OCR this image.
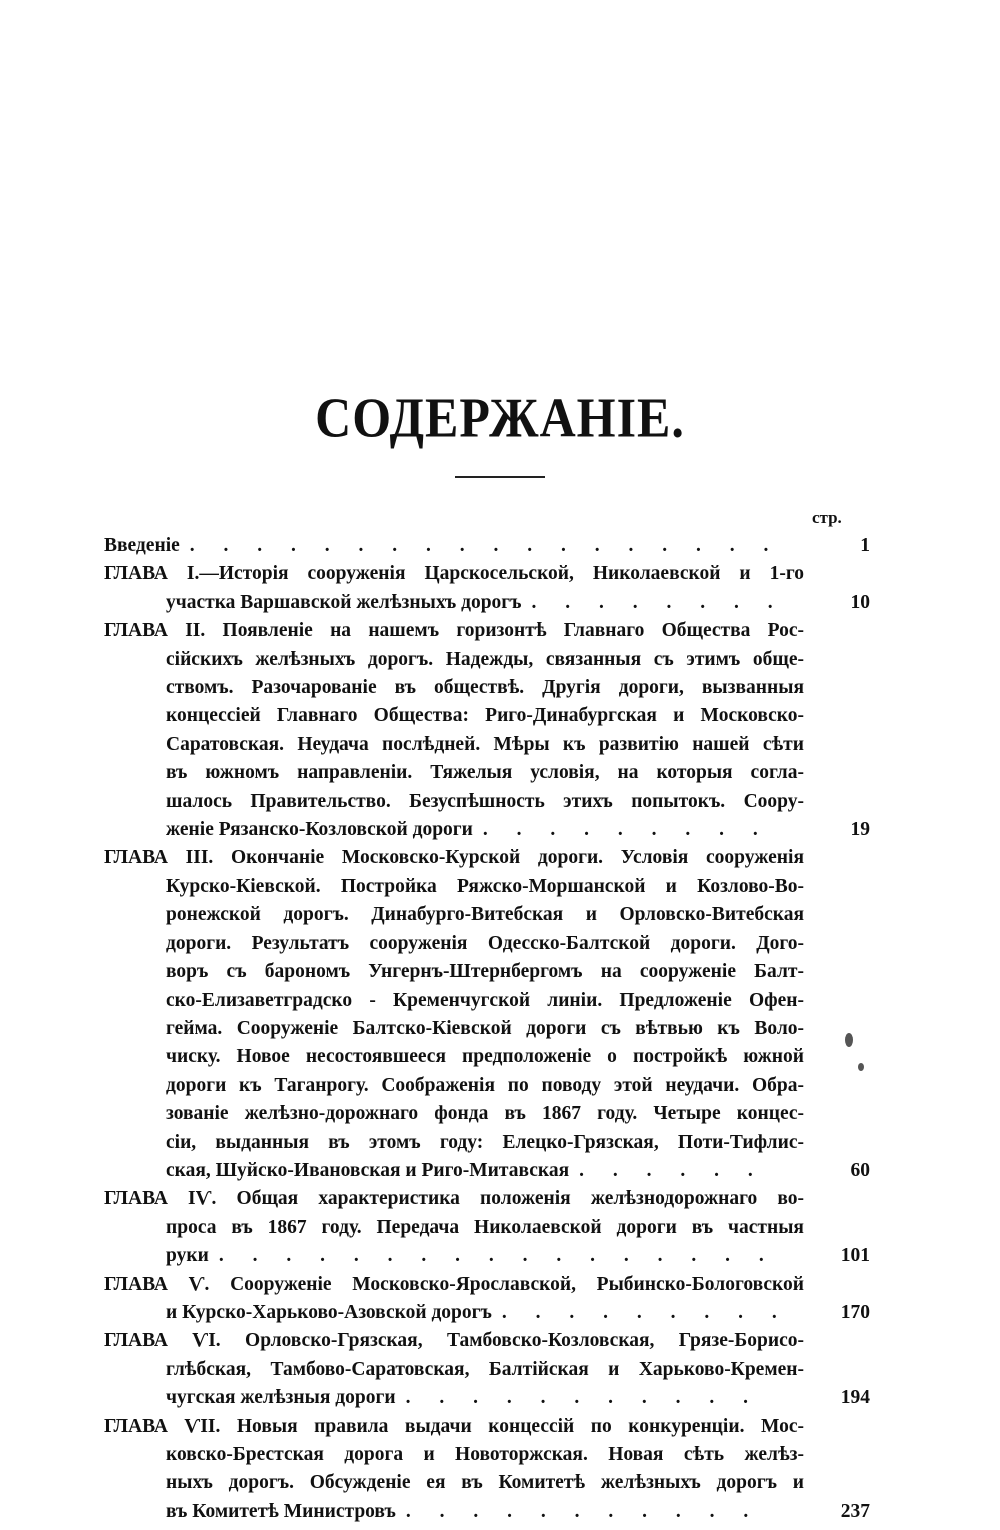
СОДЕРЖАНІЕ.
стр.
Введеніе . . .	1
ГЛАВА І.—Исторія сооруженія Царскосельской, Николаевской и 1-го
участка Варшавской желѣзныхъ дорогъ . . .	10
ГЛАВА ІІ. Появленіе на нашемъ горизонтѣ Главнаго Общества Рос-
сійскихъ желѣзныхъ дорогъ. Надежды, связанныя съ этимъ обще-
ствомъ. Разочарованіе въ обществѣ. Другія дороги, вызванныя
концессіей Главнаго Общества: Риго-Динабургская и Московско-
Саратовская. Неудача послѣдней. Мѣры къ развитію нашей сѣти
въ южномъ направленіи. Тяжелыя условія, на которыя согла-
шалось Правительство. Безуспѣшность этихъ попытокъ. Соору-
женіе Рязанско-Козловской дороги . . .	19
ГЛАВА ІІІ. Окончаніе Московско-Курской дороги. Условія сооруженія
Курско-Кіевской. Постройка Ряжско-Моршанской и Козлово-Во-
ронежской дорогъ. Динабурго-Витебская и Орловско-Витебская
дороги. Результатъ сооруженія Одесско-Балтской дороги. Дого-
воръ съ барономъ Унгернъ-Штернбергомъ на сооруженіе Балт-
ско-Елизаветградско - Кременчугской линіи. Предложеніе Офен-
гейма. Сооруженіе Балтско-Кіевской дороги съ вѣтвью къ Воло-
чиску. Новое несостоявшееся предположеніе о постройкѣ южной
дороги къ Таганрогу. Соображенія по поводу этой неудачи. Обра-
зованіе желѣзно-дорожнаго фонда въ 1867 году. Четыре концес-
сіи, выданныя въ этомъ году: Елецко-Грязская, Поти-Тифлис-
ская, Шуйско-Ивановская и Риго-Митавская . . .	60
ГЛАВА ІѴ. Общая характеристика положенія желѣзнодорожнаго во-
проса въ 1867 году. Передача Николаевской дороги въ частныя
руки . . .	101
ГЛАВА Ѵ. Сооруженіе Московско-Ярославской, Рыбинско-Бологовской
и Курско-Харьково-Азовской дорогъ . . .	170
ГЛАВА ѴІ. Орловско-Грязская, Тамбовско-Козловская, Грязе-Борисо-
глѣбская, Тамбово-Саратовская, Балтійская и Харьково-Кремен-
чугская желѣзныя дороги . . .	194
ГЛАВА ѴІІ. Новыя правила выдачи концессій по конкуренціи. Мос-
ковско-Брестская дорога и Новоторжская. Новая сѣть желѣз-
ныхъ дорогъ. Обсужденіе ея въ Комитетѣ желѣзныхъ дорогъ и
въ Комитетѣ Министровъ . . .	237
